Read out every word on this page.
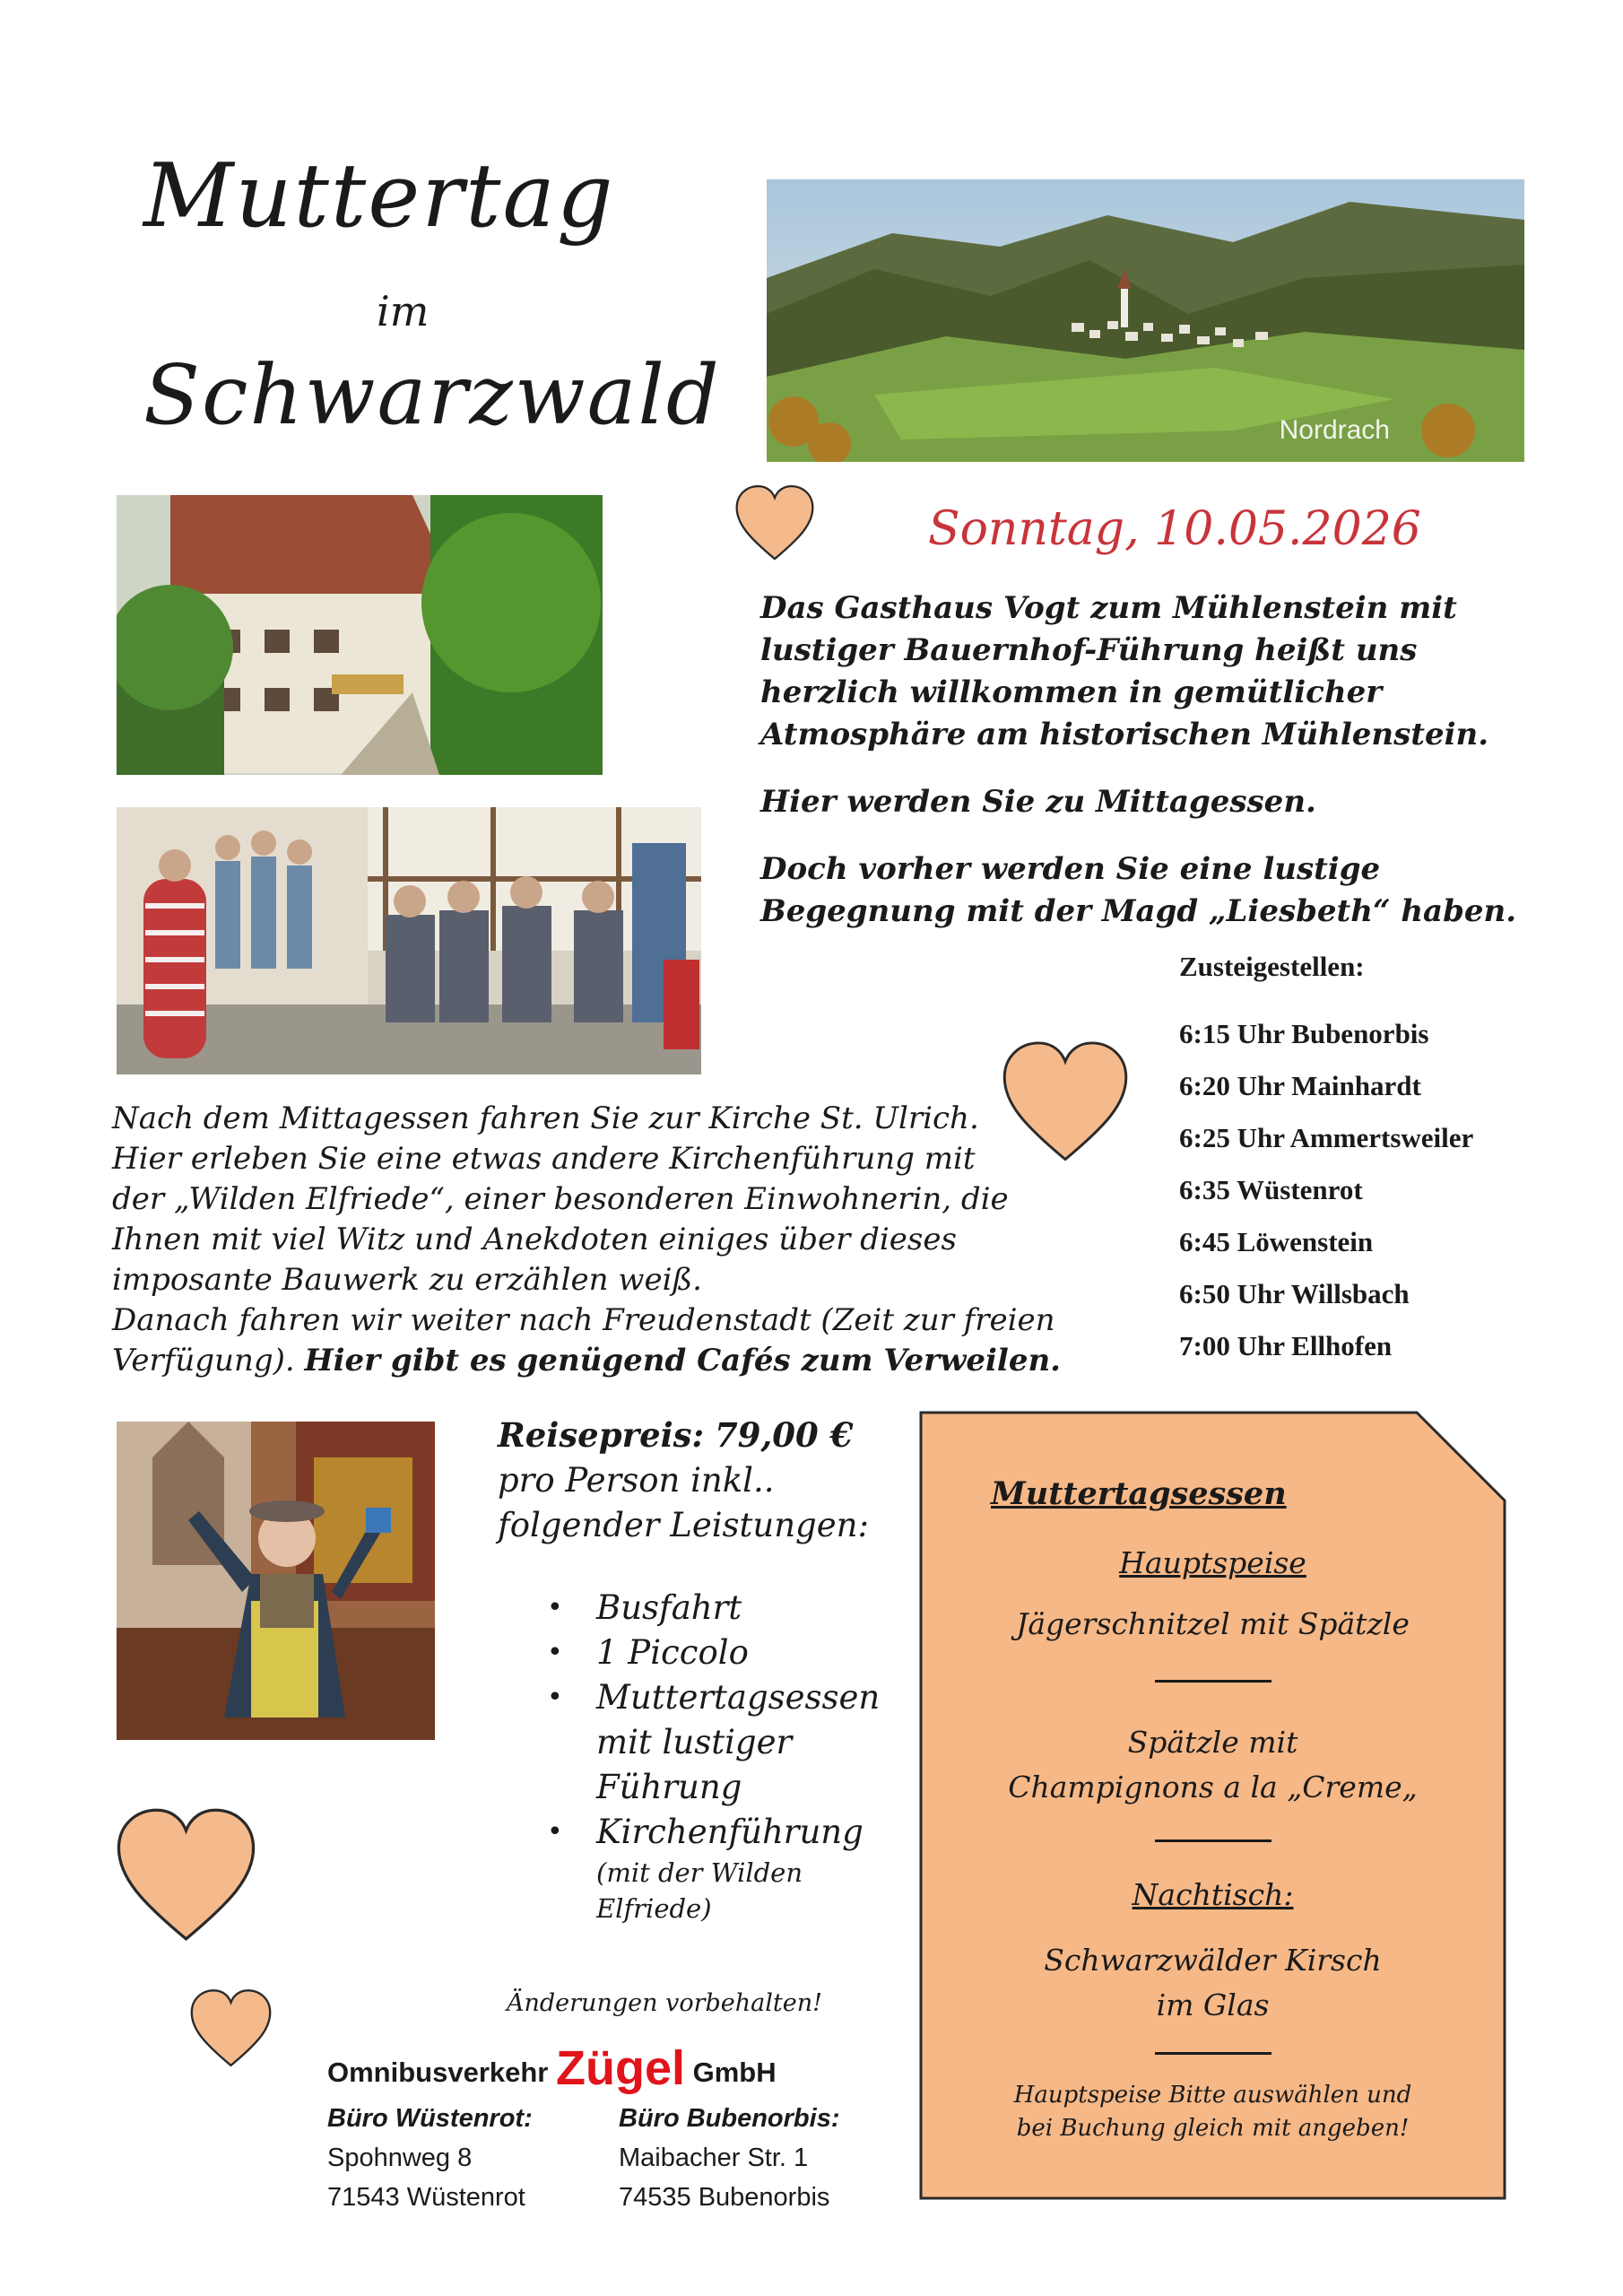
Muttertag
im
Schwarzwald	Nordrach
Sonntag, 10.05.2026

Das Gasthaus Vogt zum Mühlenstein mit lustiger Bauernhof-Führung heißt uns herzlich willkommen in gemütlicher Atmosphäre am historischen Mühlenstein.

Hier werden Sie zu Mittagessen.

Doch vorher werden Sie eine lustige Begegnung mit der Magd „Liesbeth“ haben.

Zusteigestellen:
6:15 Uhr Bubenorbis
6:20 Uhr Mainhardt
6:25 Uhr Ammertsweiler
6:35 Wüstenrot
6:45 Löwenstein
6:50 Uhr Willsbach
7:00 Uhr Ellhofen
Nach dem Mittagessen fahren Sie zur Kirche St. Ulrich.
Hier erleben Sie eine etwas andere Kirchenführung mit
der „Wilden Elfriede“, einer besonderen Einwohnerin, die
Ihnen mit viel Witz und Anekdoten einiges über dieses
imposante Bauwerk zu erzählen weiß.
Danach fahren wir weiter nach Freudenstadt (Zeit zur freien
Verfügung). Hier gibt es genügend Cafés zum Verweilen.
Reisepreis: 79,00 €
pro Person inkl..
folgender Leistungen:
• Busfahrt
• 1 Piccolo
• Muttertagsessen mit lustiger Führung
• Kirchenführung
(mit der Wilden Elfriede)
Änderungen vorbehalten!
Omnibusverkehr Zügel GmbH
Büro Wüstenrot:
Spohnweg 8
71543 Wüstenrot
Büro Bubenorbis:
Maibacher Str. 1
74535 Bubenorbis
Muttertagsessen
Hauptspeise
Jägerschnitzel mit Spätzle
Spätzle mit
Champignons a la „Creme„
Nachtisch:
Schwarzwälder Kirsch
im Glas
Hauptspeise Bitte auswählen und
bei Buchung gleich mit angeben!
